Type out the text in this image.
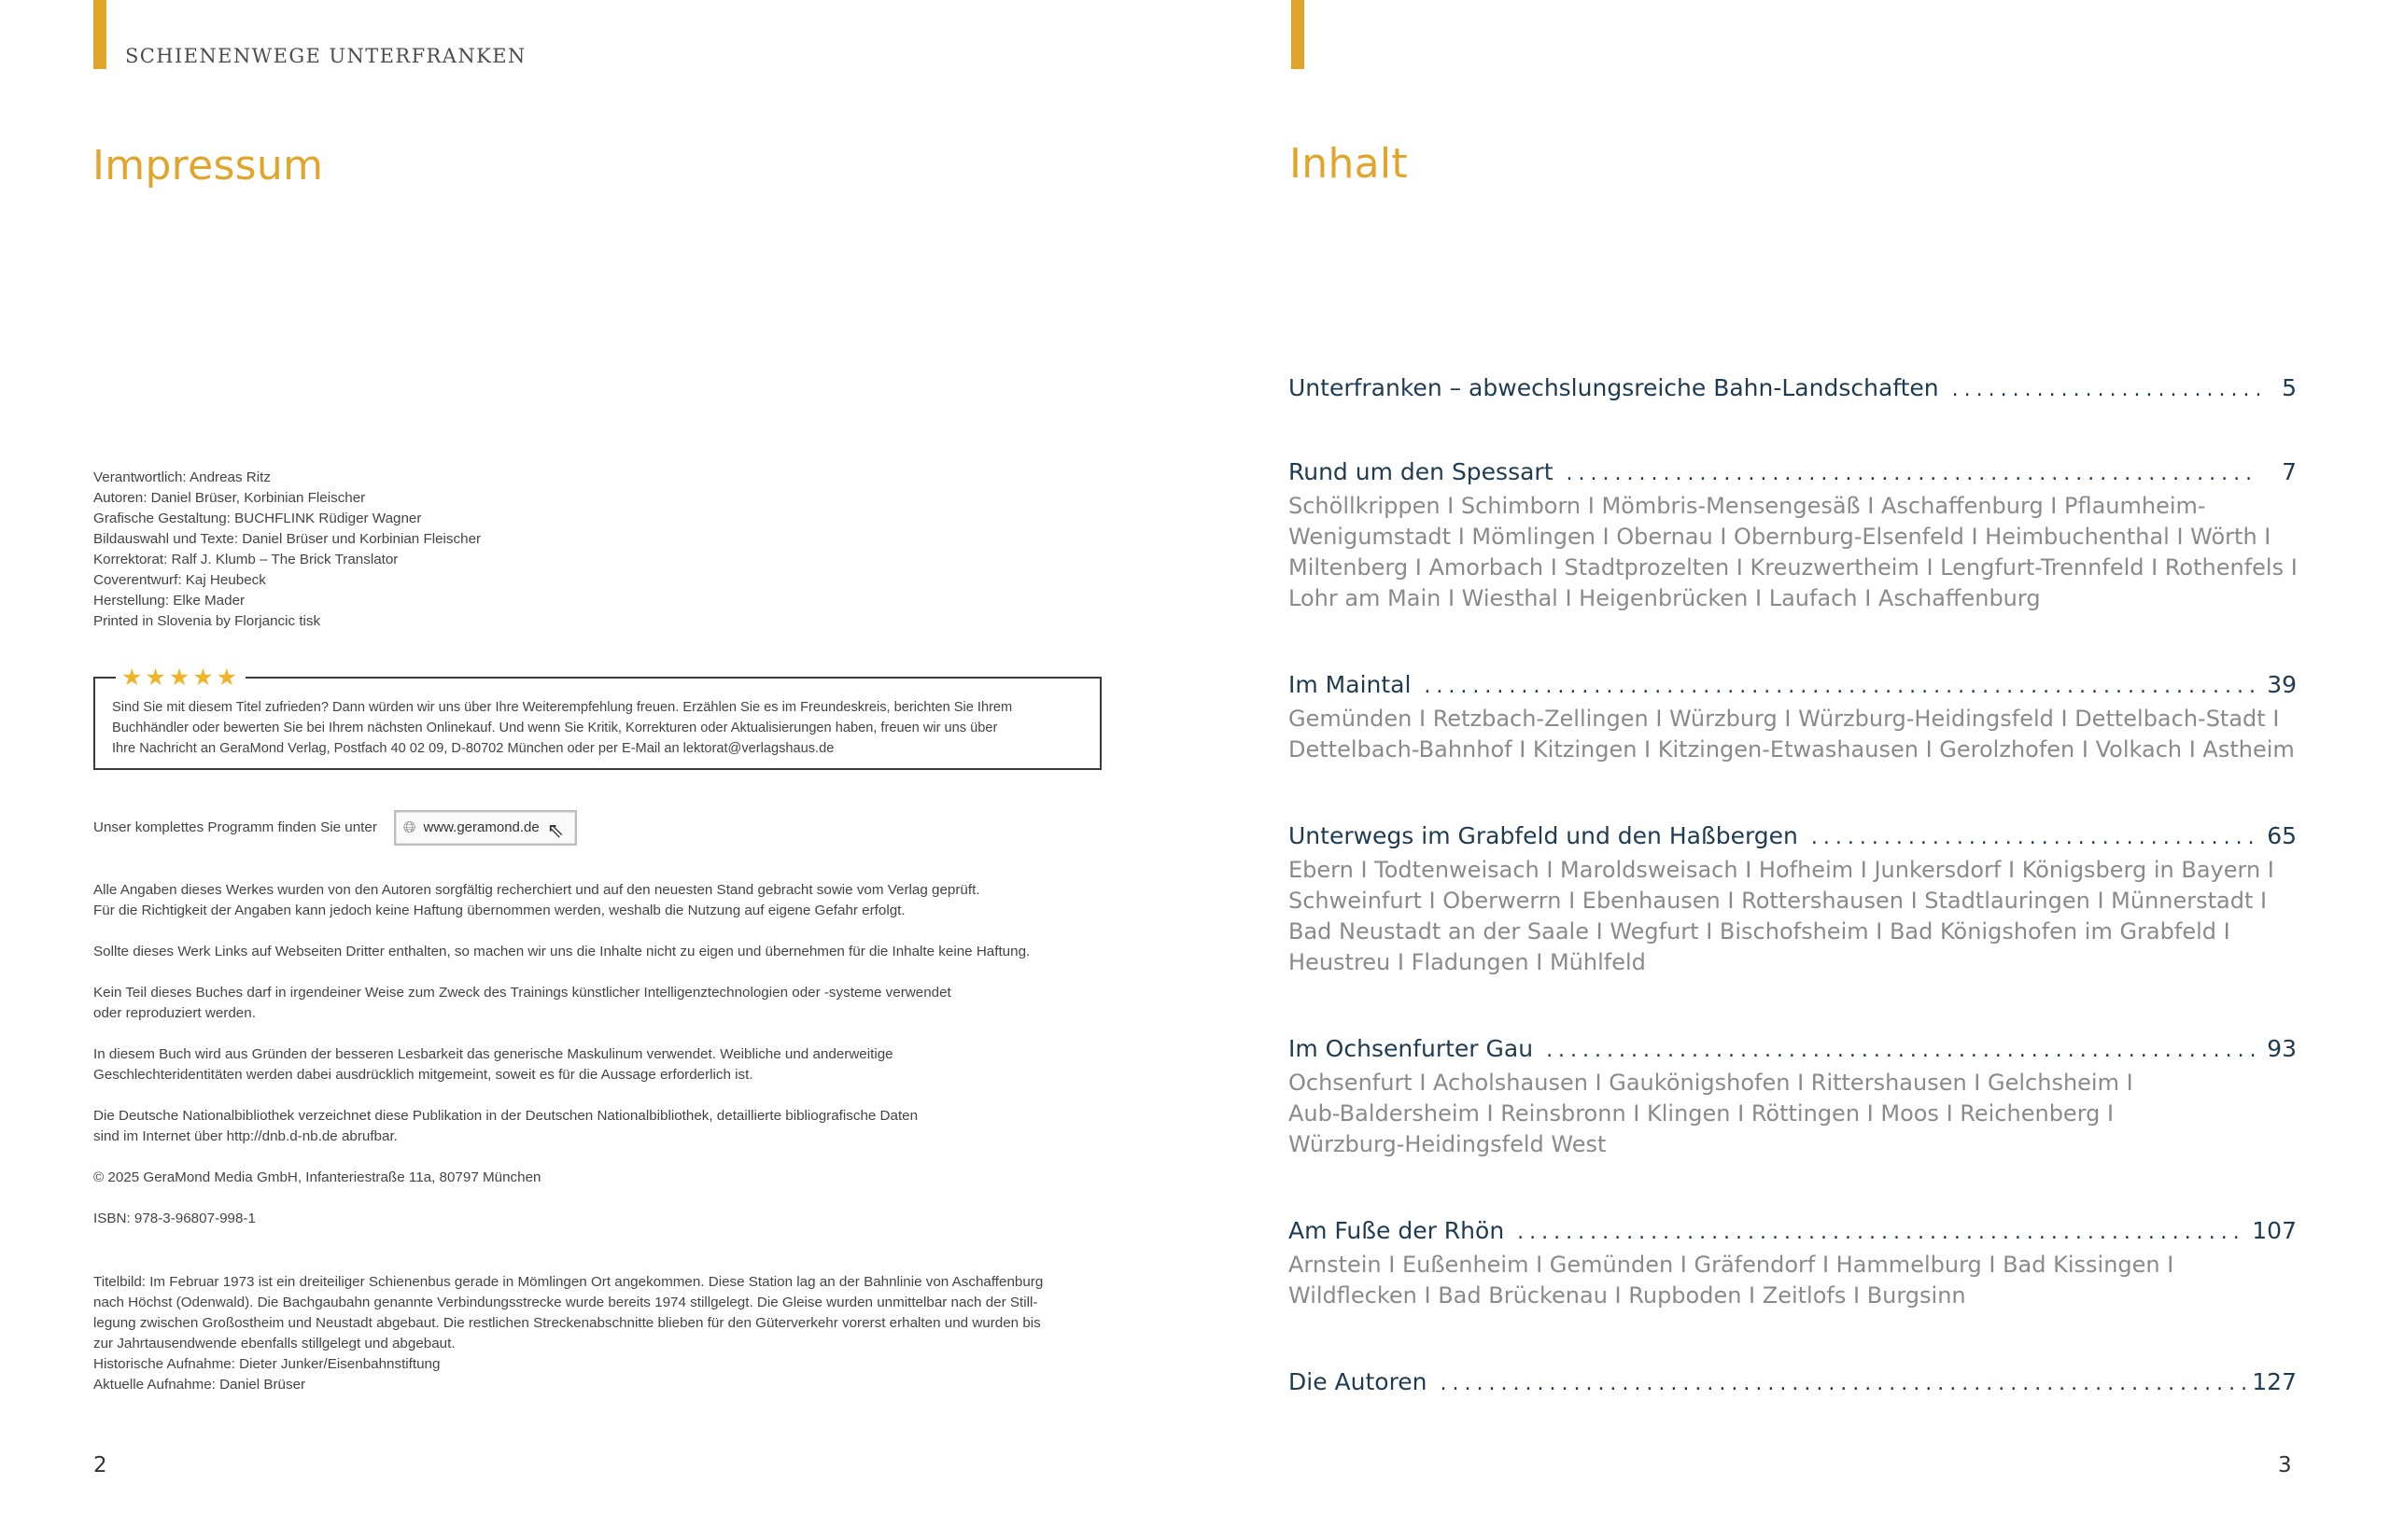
SCHIENENWEGE UNTERFRANKEN
Impressum
Verantwortlich: Andreas Ritz
Autoren: Daniel Brüser, Korbinian Fleischer
Grafische Gestaltung: BUCHFLINK Rüdiger Wagner
Bildauswahl und Texte: Daniel Brüser und Korbinian Fleischer
Korrektorat: Ralf J. Klumb – The Brick Translator
Coverentwurf: Kaj Heubeck
Herstellung: Elke Mader
Printed in Slovenia by Florjancic tisk
★★★★★
Sind Sie mit diesem Titel zufrieden? Dann würden wir uns über Ihre Weiterempfehlung freuen. Erzählen Sie es im Freundeskreis, berichten Sie Ihrem
Buchhändler oder bewerten Sie bei Ihrem nächsten Onlinekauf. Und wenn Sie Kritik, Korrekturen oder Aktualisierungen haben, freuen wir uns über
Ihre Nachricht an GeraMond Verlag, Postfach 40 02 09, D-80702 München oder per E-Mail an lektorat@verlagshaus.de
Unser komplettes Programm finden Sie unter 🌐︎ www.geramond.de ⇖

Alle Angaben dieses Werkes wurden von den Autoren sorgfältig recherchiert und auf den neuesten Stand gebracht sowie vom Verlag geprüft.
Für die Richtigkeit der Angaben kann jedoch keine Haftung übernommen werden, weshalb die Nutzung auf eigene Gefahr erfolgt.

Sollte dieses Werk Links auf Webseiten Dritter enthalten, so machen wir uns die Inhalte nicht zu eigen und übernehmen für die Inhalte keine Haftung.

Kein Teil dieses Buches darf in irgendeiner Weise zum Zweck des Trainings künstlicher Intelligenztechnologien oder -systeme verwendet
oder reproduziert werden.

In diesem Buch wird aus Gründen der besseren Lesbarkeit das generische Maskulinum verwendet. Weibliche und anderweitige
Geschlechteridentitäten werden dabei ausdrücklich mitgemeint, soweit es für die Aussage erforderlich ist.

Die Deutsche Nationalbibliothek verzeichnet diese Publikation in der Deutschen Nationalbibliothek, detaillierte bibliografische Daten
sind im Internet über http://dnb.d-nb.de abrufbar.

© 2025 GeraMond Media GmbH, Infanteriestraße 11a, 80797 München

ISBN: 978-3-96807-998-1

Titelbild: Im Februar 1973 ist ein dreiteiliger Schienenbus gerade in Mömlingen Ort angekommen. Diese Station lag an der Bahnlinie von Aschaffenburg
nach Höchst (Odenwald). Die Bachgaubahn genannte Verbindungsstrecke wurde bereits 1974 stillgelegt. Die Gleise wurden unmittelbar nach der Still-
legung zwischen Großostheim und Neustadt abgebaut. Die restlichen Streckenabschnitte blieben für den Güterverkehr vorerst erhalten und wurden bis
zur Jahrtausendwende ebenfalls stillgelegt und abgebaut.
Historische Aufnahme: Dieter Junker/Eisenbahnstiftung
Aktuelle Aufnahme: Daniel Brüser
2
Inhalt
Unterfranken – abwechslungsreiche Bahn-Landschaften .....	5
Rund um den Spessart .....	7
Schöllkrippen I Schimborn I Mömbris-Mensengesäß I Aschaffenburg I Pflaumheim-
Wenigumstadt I Mömlingen I Obernau I Obernburg-Elsenfeld I Heimbuchenthal I Wörth I
Miltenberg I Amorbach I Stadtprozelten I Kreuzwertheim I Lengfurt-Trennfeld I Rothenfels I
Lohr am Main I Wiesthal I Heigenbrücken I Laufach I Aschaffenburg
Im Maintal .....	39
Gemünden I Retzbach-Zellingen I Würzburg I Würzburg-Heidingsfeld I Dettelbach-Stadt I
Dettelbach-Bahnhof I Kitzingen I Kitzingen-Etwashausen I Gerolzhofen I Volkach I Astheim
Unterwegs im Grabfeld und den Haßbergen .....	65
Ebern I Todtenweisach I Maroldsweisach I Hofheim I Junkersdorf I Königsberg in Bayern I
Schweinfurt I Oberwerrn I Ebenhausen I Rottershausen I Stadtlauringen I Münnerstadt I
Bad Neustadt an der Saale I Wegfurt I Bischofsheim I Bad Königshofen im Grabfeld I
Heustreu I Fladungen I Mühlfeld
Im Ochsenfurter Gau .....	93
Ochsenfurt I Acholshausen I Gaukönigshofen I Rittershausen I Gelchsheim I
Aub-Baldersheim I Reinsbronn I Klingen I Röttingen I Moos I Reichenberg I
Würzburg-Heidingsfeld West
Am Fuße der Rhön .....	107
Arnstein I Eußenheim I Gemünden I Gräfendorf I Hammelburg I Bad Kissingen I
Wildflecken I Bad Brückenau I Rupboden I Zeitlofs I Burgsinn
Die Autoren .....	127
3
